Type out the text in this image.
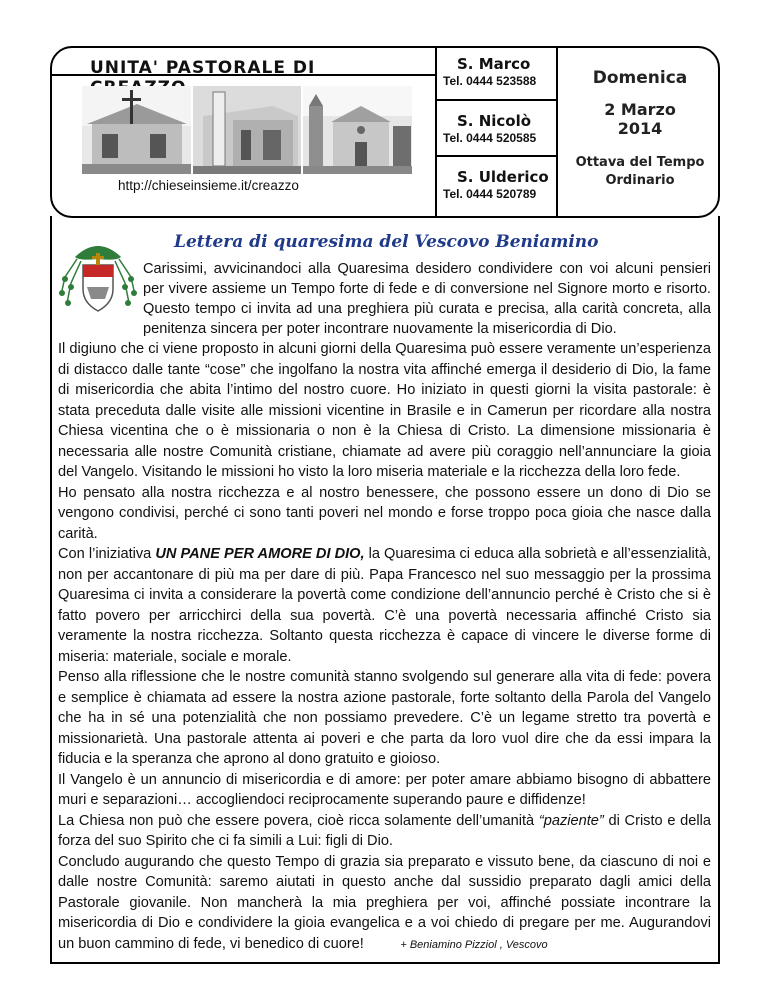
UNITA' PASTORALE DI
http://chieseinsieme.it/creazzo
S. Marco
Tel. 0444 523588
S. Nicolò
Tel. 0444 520585
S. Ulderico
Tel. 0444 520789
Domenica
2 Marzo
2014
Ottava del Tempo
Ordinario
Lettera di quaresima del Vescovo Beniamino
Carissimi, avvicinandoci alla Quaresima desidero condividere con voi alcuni pensieri per vivere assieme un Tempo forte di fede e di conversione nel Signore morto e risorto. Questo tempo ci invita ad una preghiera più curata e precisa, alla carità concreta, alla penitenza sincera per poter incontrare nuovamente la misericordia di Dio.

Il digiuno che ci viene proposto in alcuni giorni della Quaresima può essere veramente un’esperienza di distacco dalle tante “cose” che ingolfano la nostra vita affinché emerga il desiderio di Dio, la fame di misericordia che abita l’intimo del nostro cuore. Ho iniziato in questi giorni la visita pastorale: è stata preceduta dalle visite alle missioni vicentine in Brasile e in Camerun per ricordare alla nostra Chiesa vicentina che o è missionaria o non è la Chiesa di Cristo. La dimensione missionaria è necessaria alle nostre Comunità cristiane, chiamate ad avere più coraggio nell’annunciare la gioia del Vangelo. Visitando le missioni ho visto la loro miseria materiale e la ricchezza della loro fede.

Ho pensato alla nostra ricchezza e al nostro benessere, che possono essere un dono di Dio se vengono condivisi, perché ci sono tanti poveri nel mondo e forse troppo poca gioia che nasce dalla carità.

Con l’iniziativa UN PANE PER AMORE DI DIO, la Quaresima ci educa alla sobrietà e all’essenzialità, non per accantonare di più ma per dare di più. Papa Francesco nel suo messaggio per la prossima Quaresima ci invita a considerare la povertà come condizione dell’annuncio perché è Cristo che si è fatto povero per arricchirci della sua povertà. C’è una povertà necessaria affinché Cristo sia veramente la nostra ricchezza. Soltanto questa ricchezza è capace di vincere le diverse forme di miseria: materiale, sociale e morale.

Penso alla riflessione che le nostre comunità stanno svolgendo sul generare alla vita di fede: povera e semplice è chiamata ad essere la nostra azione pastorale, forte soltanto della Parola del Vangelo che ha in sé una potenzialità che non possiamo prevedere. C’è un legame stretto tra povertà e missionarietà. Una pastorale attenta ai poveri e che parta da loro vuol dire che da essi impara la fiducia e la speranza che aprono al dono gratuito e gioioso.

Il Vangelo è un annuncio di misericordia e di amore: per poter amare abbiamo bisogno di abbattere muri e separazioni… accogliendoci reciprocamente superando paure e diffidenze!

La Chiesa non può che essere povera, cioè ricca solamente dell’umanità “paziente” di Cristo e della forza del suo Spirito che ci fa simili a Lui: figli di Dio.

Concludo augurando che questo Tempo di grazia sia preparato e vissuto bene, da ciascuno di noi e dalle nostre Comunità: saremo aiutati in questo anche dal sussidio preparato dagli amici della Pastorale giovanile. Non mancherà la mia preghiera per voi, affinché possiate incontrare la misericordia di Dio e condividere la gioia evangelica e a voi chiedo di pregare per me. Augurandovi un buon cammino di fede, vi benedico di cuore!	+ Beniamino Pizziol , Vescovo
